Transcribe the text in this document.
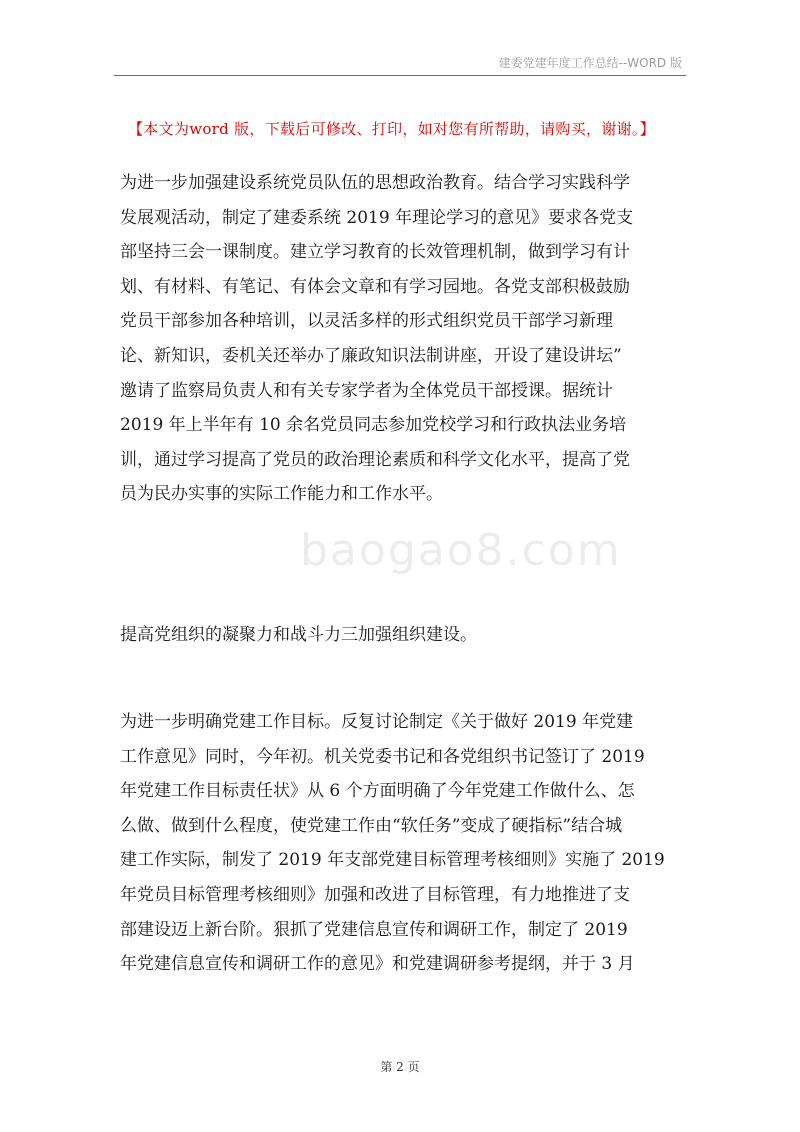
建委党建年度工作总结--WORD 版
【本文为word 版，下载后可修改、打印，如对您有所帮助，请购买，谢谢。】
baogao8.com
为进一步加强建设系统党员队伍的思想政治教育。结合学习实践科学
发展观活动，制定了建委系统 2019 年理论学习的意见》要求各党支
部坚持三会一课制度。建立学习教育的长效管理机制，做到学习有计
划、有材料、有笔记、有体会文章和有学习园地。各党支部积极鼓励
党员干部参加各种培训，以灵活多样的形式组织党员干部学习新理
论、新知识，委机关还举办了廉政知识法制讲座，开设了建设讲坛”
邀请了监察局负责人和有关专家学者为全体党员干部授课。据统计
2019 年上半年有 10 余名党员同志参加党校学习和行政执法业务培
训，通过学习提高了党员的政治理论素质和科学文化水平，提高了党
员为民办实事的实际工作能力和工作水平。
提高党组织的凝聚力和战斗力三加强组织建设。
为进一步明确党建工作目标。反复讨论制定《关于做好 2019 年党建
工作意见》同时，今年初。机关党委书记和各党组织书记签订了 2019
年党建工作目标责任状》从 6 个方面明确了今年党建工作做什么、怎
么做、做到什么程度，使党建工作由“软任务”变成了硬指标”结合城
建工作实际，制发了 2019 年支部党建目标管理考核细则》实施了 2019
年党员目标管理考核细则》加强和改进了目标管理，有力地推进了支
部建设迈上新台阶。狠抓了党建信息宣传和调研工作，制定了 2019
年党建信息宣传和调研工作的意见》和党建调研参考提纲，并于 3 月
第 2 页
